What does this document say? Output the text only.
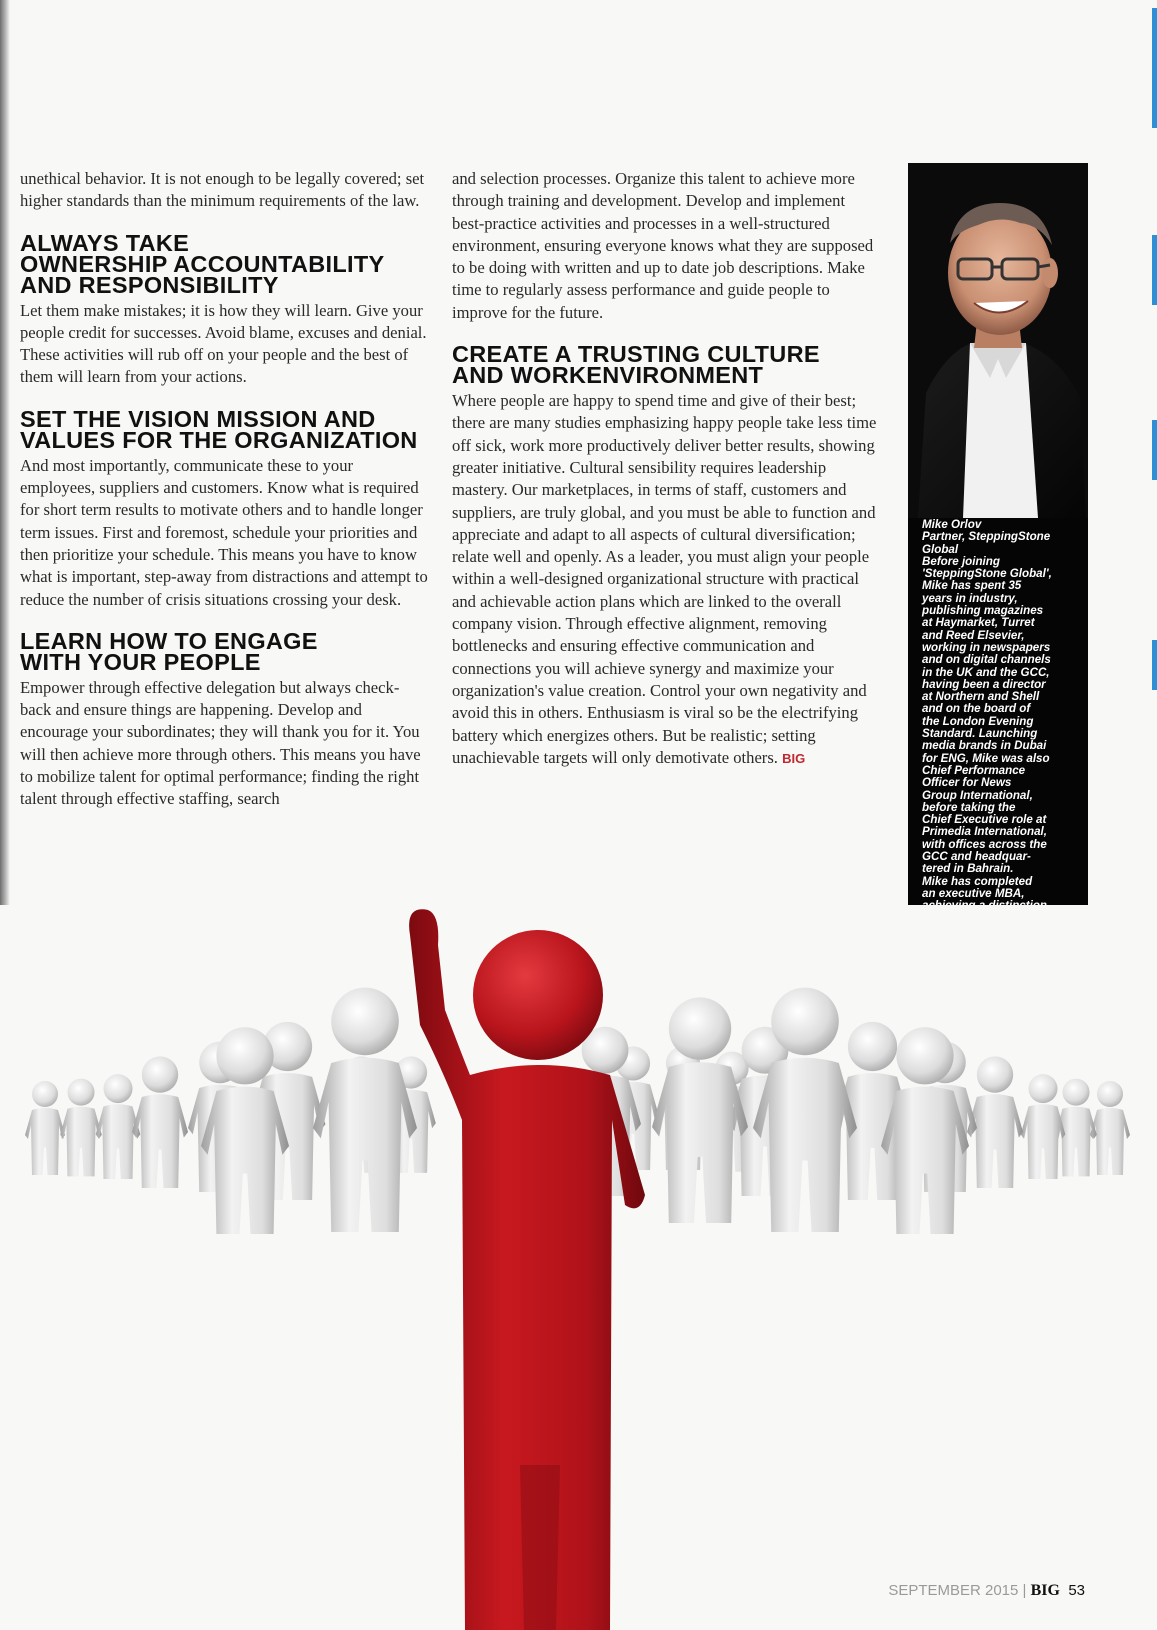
unethical behavior. It is not enough to be legally covered; set higher standards than the minimum requirements of the law.

ALWAYS TAKE
OWNERSHIP ACCOUNTABILITY
AND RESPONSIBILITY

Let them make mistakes; it is how they will learn. Give your people credit for successes. Avoid blame, excuses and denial. These activities will rub off on your people and the best of them will learn from your actions.

SET THE VISION MISSION AND
VALUES FOR THE ORGANIZATION

And most importantly, communicate these to your employees, suppliers and customers. Know what is required for short term results to motivate others and to handle longer term issues. First and foremost, schedule your priorities and then prioritize your schedule. This means you have to know what is important, step-away from distractions and attempt to reduce the number of crisis situations crossing your desk.

LEARN HOW TO ENGAGE
WITH YOUR PEOPLE

Empower through effective delegation but always check-back and ensure things are happening. Develop and encourage your subordinates; they will thank you for it. You will then achieve more through others. This means you have to mobilize talent for optimal performance; finding the right talent through effective staffing, search

and selection processes. Organize this talent to achieve more through training and development. Develop and implement best-practice activities and processes in a well-structured environment, ensuring everyone knows what they are supposed to be doing with written and up to date job descriptions. Make time to regularly assess performance and guide people to improve for the future.

CREATE A TRUSTING CULTURE
AND WORKENVIRONMENT

Where people are happy to spend time and give of their best; there are many studies emphasizing happy people take less time off sick, work more productively deliver better results, showing greater initiative. Cultural sensibility requires leadership mastery. Our marketplaces, in terms of staff, customers and suppliers, are truly global, and you must be able to function and appreciate and adapt to all aspects of cultural diversification; relate well and openly. As a leader, you must align your people within a well-designed organizational structure with practical and achievable action plans which are linked to the overall company vision. Through effective alignment, removing bottlenecks and ensuring effective communication and connections you will achieve synergy and maximize your organization's value creation. Control your own negativity and avoid this in others. Enthusiasm is viral so be the electrifying battery which energizes others. But be realistic; setting unachievable targets will only demotivate others. BIG

Mike Orlov
Partner, SteppingStone
Global
Before joining
'SteppingStone Global',
Mike has spent 35
years in industry,
publishing magazines
at Haymarket, Turret
and Reed Elsevier,
working in newspapers
and on digital channels
in the UK and the GCC,
having been a director
at Northern and Shell
and on the board of
the London Evening
Standard. Launching
media brands in Dubai
for ENG, Mike was also
Chief Performance
Officer for News
Group International,
before taking the
Chief Executive role at
Primedia International,
with offices across the
GCC and headquar-
tered in Bahrain.
Mike has completed
an executive MBA,
SEPTEMBER 2015 | BIG 53
